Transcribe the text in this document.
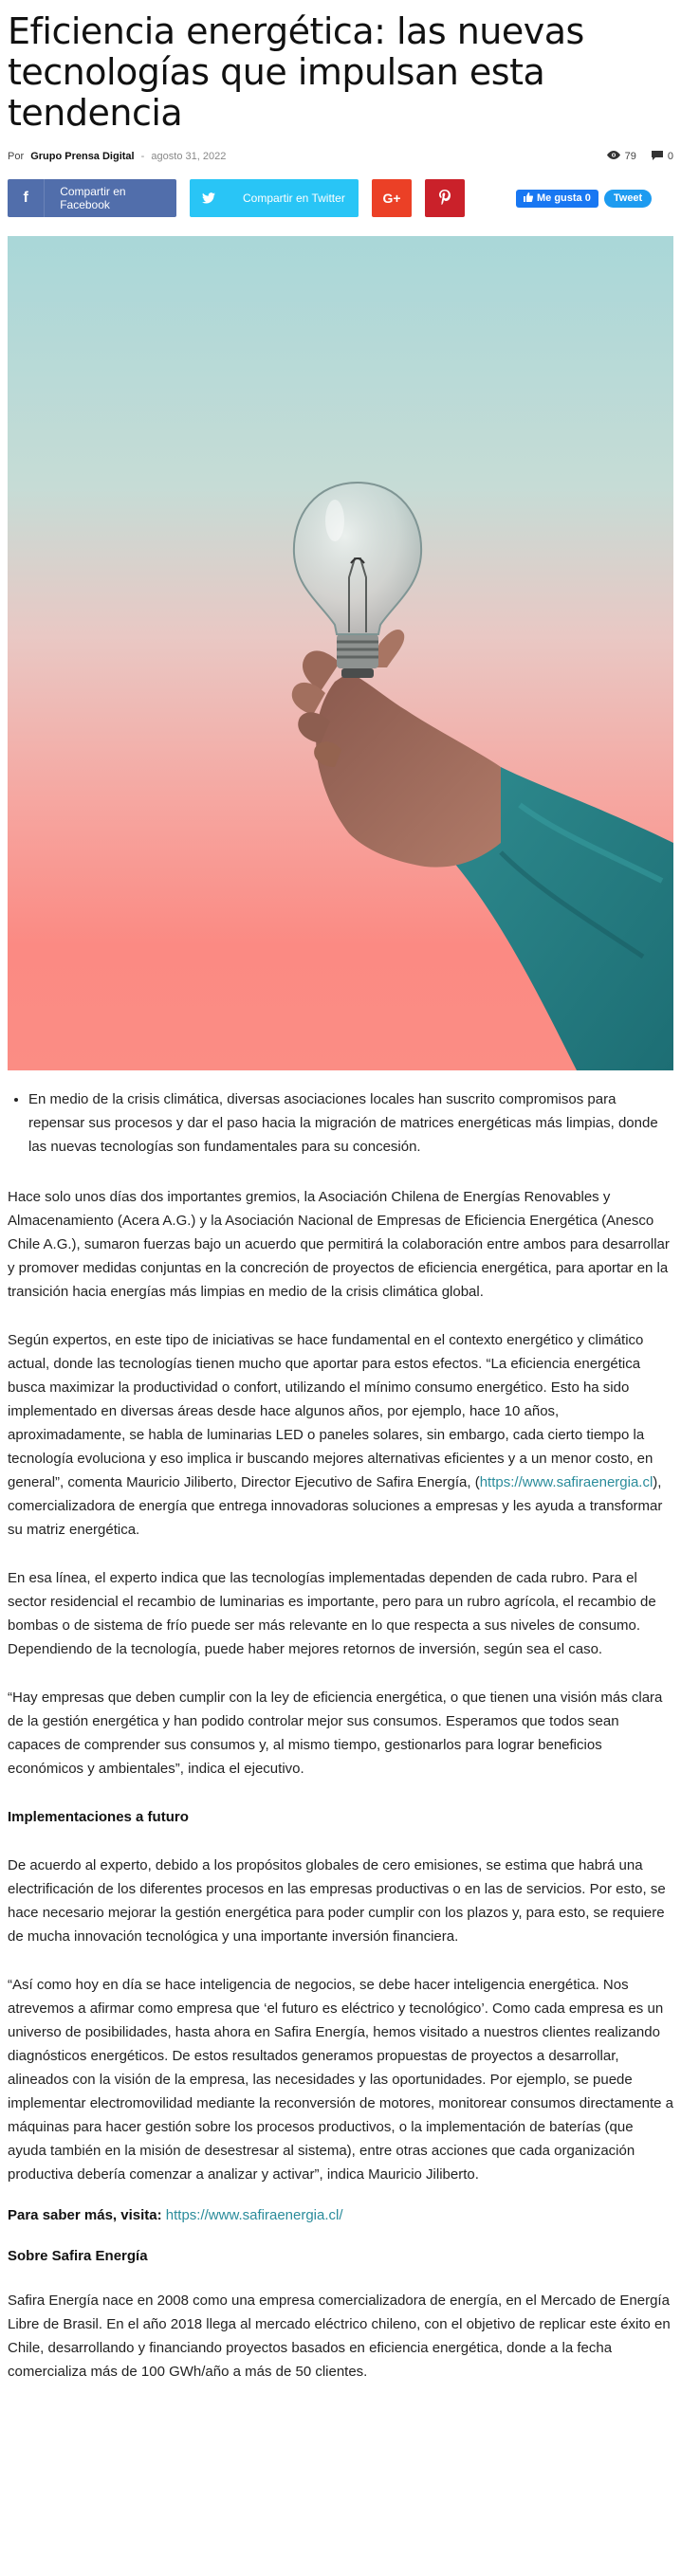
Eficiencia energética: las nuevas tecnologías que impulsan esta tendencia
Por Grupo Prensa Digital - agosto 31, 2022	79	0
f	Compartir en Facebook	Compartir en Twitter	G+	Me gusta 0	Tweet
• En medio de la crisis climática, diversas asociaciones locales han suscrito compromisos para repensar sus procesos y dar el paso hacia la migración de matrices energéticas más limpias, donde las nuevas tecnologías son fundamentales para su concesión.

Hace solo unos días dos importantes gremios, la Asociación Chilena de Energías Renovables y Almacenamiento (Acera A.G.) y la Asociación Nacional de Empresas de Eficiencia Energética (Anesco Chile A.G.), sumaron fuerzas bajo un acuerdo que permitirá la colaboración entre ambos para desarrollar y promover medidas conjuntas en la concreción de proyectos de eficiencia energética, para aportar en la transición hacia energías más limpias en medio de la crisis climática global.

Según expertos, en este tipo de iniciativas se hace fundamental en el contexto energético y climático actual, donde las tecnologías tienen mucho que aportar para estos efectos. “La eficiencia energética busca maximizar la productividad o confort, utilizando el mínimo consumo energético. Esto ha sido implementado en diversas áreas desde hace algunos años, por ejemplo, hace 10 años, aproximadamente, se habla de luminarias LED o paneles solares, sin embargo, cada cierto tiempo la tecnología evoluciona y eso implica ir buscando mejores alternativas eficientes y a un menor costo, en general”, comenta Mauricio Jiliberto, Director Ejecutivo de Safira Energía, (https://www.safiraenergia.cl), comercializadora de energía que entrega innovadoras soluciones a empresas y les ayuda a transformar su matriz energética.

En esa línea, el experto indica que las tecnologías implementadas dependen de cada rubro. Para el sector residencial el recambio de luminarias es importante, pero para un rubro agrícola, el recambio de bombas o de sistema de frío puede ser más relevante en lo que respecta a sus niveles de consumo. Dependiendo de la tecnología, puede haber mejores retornos de inversión, según sea el caso.

“Hay empresas que deben cumplir con la ley de eficiencia energética, o que tienen una visión más clara de la gestión energética y han podido controlar mejor sus consumos. Esperamos que todos sean capaces de comprender sus consumos y, al mismo tiempo, gestionarlos para lograr beneficios económicos y ambientales”, indica el ejecutivo.

Implementaciones a futuro

De acuerdo al experto, debido a los propósitos globales de cero emisiones, se estima que habrá una electrificación de los diferentes procesos en las empresas productivas o en las de servicios. Por esto, se hace necesario mejorar la gestión energética para poder cumplir con los plazos y, para esto, se requiere de mucha innovación tecnológica y una importante inversión financiera.

“Así como hoy en día se hace inteligencia de negocios, se debe hacer inteligencia energética. Nos atrevemos a afirmar como empresa que ‘el futuro es eléctrico y tecnológico’. Como cada empresa es un universo de posibilidades, hasta ahora en Safira Energía, hemos visitado a nuestros clientes realizando diagnósticos energéticos. De estos resultados generamos propuestas de proyectos a desarrollar, alineados con la visión de la empresa, las necesidades y las oportunidades. Por ejemplo, se puede implementar electromovilidad mediante la reconversión de motores, monitorear consumos directamente a máquinas para hacer gestión sobre los procesos productivos, o la implementación de baterías (que ayuda también en la misión de desestresar al sistema), entre otras acciones que cada organización productiva debería comenzar a analizar y activar”, indica Mauricio Jiliberto.

Para saber más, visita: https://www.safiraenergia.cl/

Sobre Safira Energía

Safira Energía nace en 2008 como una empresa comercializadora de energía, en el Mercado de Energía Libre de Brasil. En el año 2018 llega al mercado eléctrico chileno, con el objetivo de replicar este éxito en Chile, desarrollando y financiando proyectos basados en eficiencia energética, donde a la fecha comercializa más de 100 GWh/año a más de 50 clientes.
